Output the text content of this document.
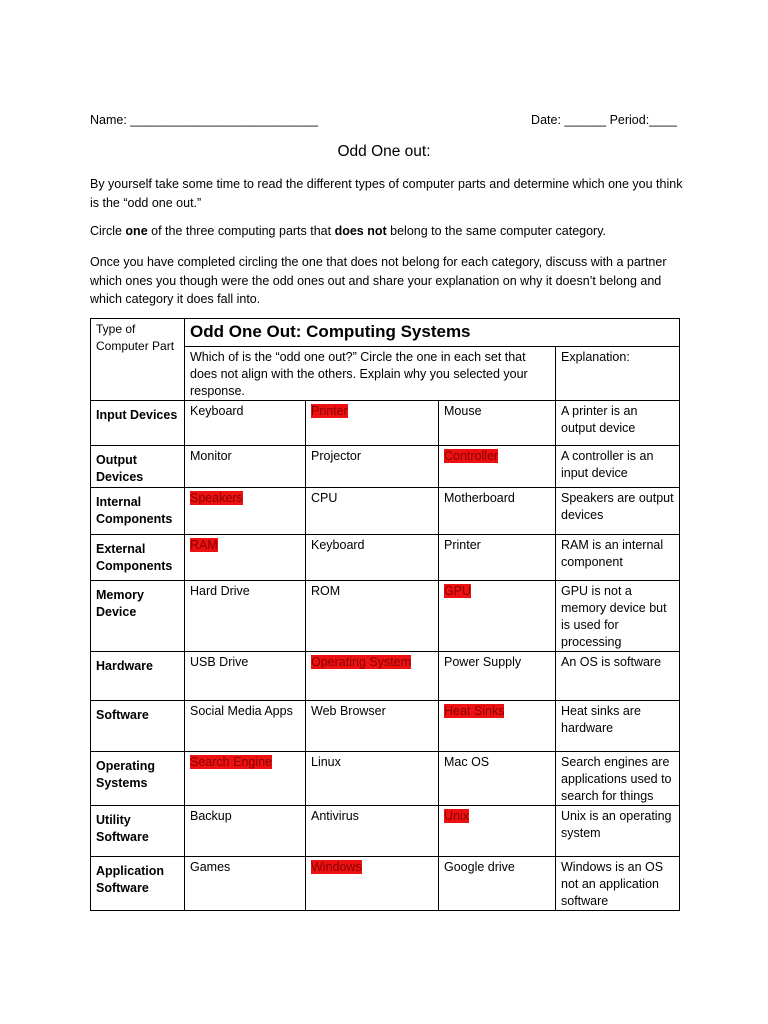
Name: ___________________________	Date: ______ Period:____
Odd One out:
By yourself take some time to read the different types of computer parts and determine which one you think is the “odd one out.”
Circle one of the three computing parts that does not belong to the same computer category.
Once you have completed circling the one that does not belong for each category, discuss with a partner which ones you though were the odd ones out and share your explanation on why it doesn’t belong and which category it does fall into.
Type of Computer Part	Odd One Out: Computing Systems			
	Which of is the “odd one out?” Circle the one in each set that does not align with the others. Explain why you selected your response.			Explanation:
Input Devices	Keyboard	Printer	Mouse	A printer is an output device
Output Devices	Monitor	Projector	Controller	A controller is an input device
Internal Components	Speakers	CPU	Motherboard	Speakers are output devices
External Components	RAM	Keyboard	Printer	RAM is an internal component
Memory Device	Hard Drive	ROM	GPU	GPU is not a memory device but is used for processing
Hardware	USB Drive	Operating System	Power Supply	An OS is software
Software	Social Media Apps	Web Browser	Heat Sinks	Heat sinks are hardware
Operating Systems	Search Engine	Linux	Mac OS	Search engines are applications used to search for things
Utility Software	Backup	Antivirus	Unix	Unix is an operating system
Application Software	Games	Windows	Google drive	Windows is an OS not an application software
